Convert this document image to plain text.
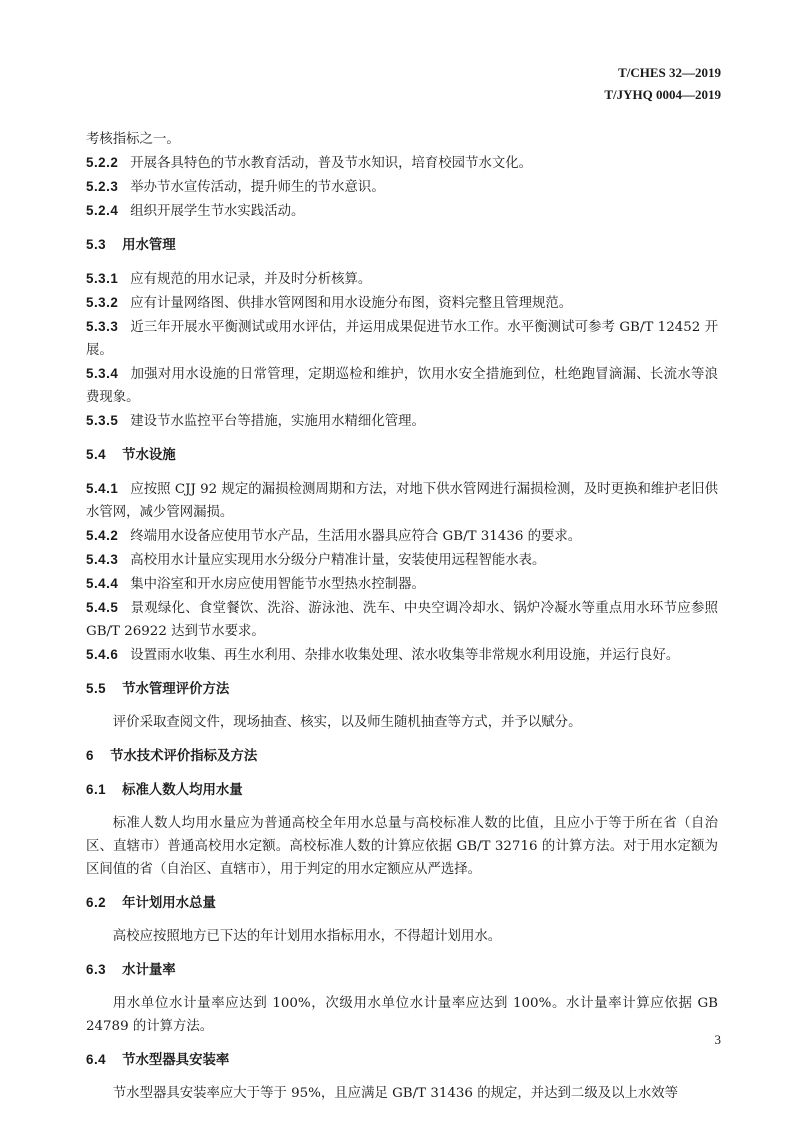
T/CHES 32—2019
T/JYHQ 0004—2019

考核指标之一。

5.2.2 开展各具特色的节水教育活动，普及节水知识，培育校园节水文化。

5.2.3 举办节水宣传活动，提升师生的节水意识。

5.2.4 组织开展学生节水实践活动。

5.3 用水管理

5.3.1 应有规范的用水记录，并及时分析核算。

5.3.2 应有计量网络图、供排水管网图和用水设施分布图，资料完整且管理规范。

5.3.3 近三年开展水平衡测试或用水评估，并运用成果促进节水工作。水平衡测试可参考 GB/T 12452 开展。

5.3.4 加强对用水设施的日常管理，定期巡检和维护，饮用水安全措施到位，杜绝跑冒滴漏、长流水等浪费现象。

5.3.5 建设节水监控平台等措施，实施用水精细化管理。

5.4 节水设施

5.4.1 应按照 CJJ 92 规定的漏损检测周期和方法，对地下供水管网进行漏损检测，及时更换和维护老旧供水管网，减少管网漏损。

5.4.2 终端用水设备应使用节水产品，生活用水器具应符合 GB/T 31436 的要求。

5.4.3 高校用水计量应实现用水分级分户精准计量，安装使用远程智能水表。

5.4.4 集中浴室和开水房应使用智能节水型热水控制器。

5.4.5 景观绿化、食堂餐饮、洗浴、游泳池、洗车、中央空调冷却水、锅炉冷凝水等重点用水环节应参照 GB/T 26922 达到节水要求。

5.4.6 设置雨水收集、再生水利用、杂排水收集处理、浓水收集等非常规水利用设施，并运行良好。

5.5 节水管理评价方法

评价采取查阅文件，现场抽查、核实，以及师生随机抽查等方式，并予以赋分。

6 节水技术评价指标及方法

6.1 标准人数人均用水量

标准人数人均用水量应为普通高校全年用水总量与高校标准人数的比值，且应小于等于所在省（自治区、直辖市）普通高校用水定额。高校标准人数的计算应依据 GB/T 32716 的计算方法。对于用水定额为区间值的省（自治区、直辖市），用于判定的用水定额应从严选择。

6.2 年计划用水总量

高校应按照地方已下达的年计划用水指标用水，不得超计划用水。

6.3 水计量率

用水单位水计量率应达到 100%，次级用水单位水计量率应达到 100%。水计量率计算应依据 GB 24789 的计算方法。

6.4 节水型器具安装率

节水型器具安装率应大于等于 95%，且应满足 GB/T 31436 的规定，并达到二级及以上水效等

3
